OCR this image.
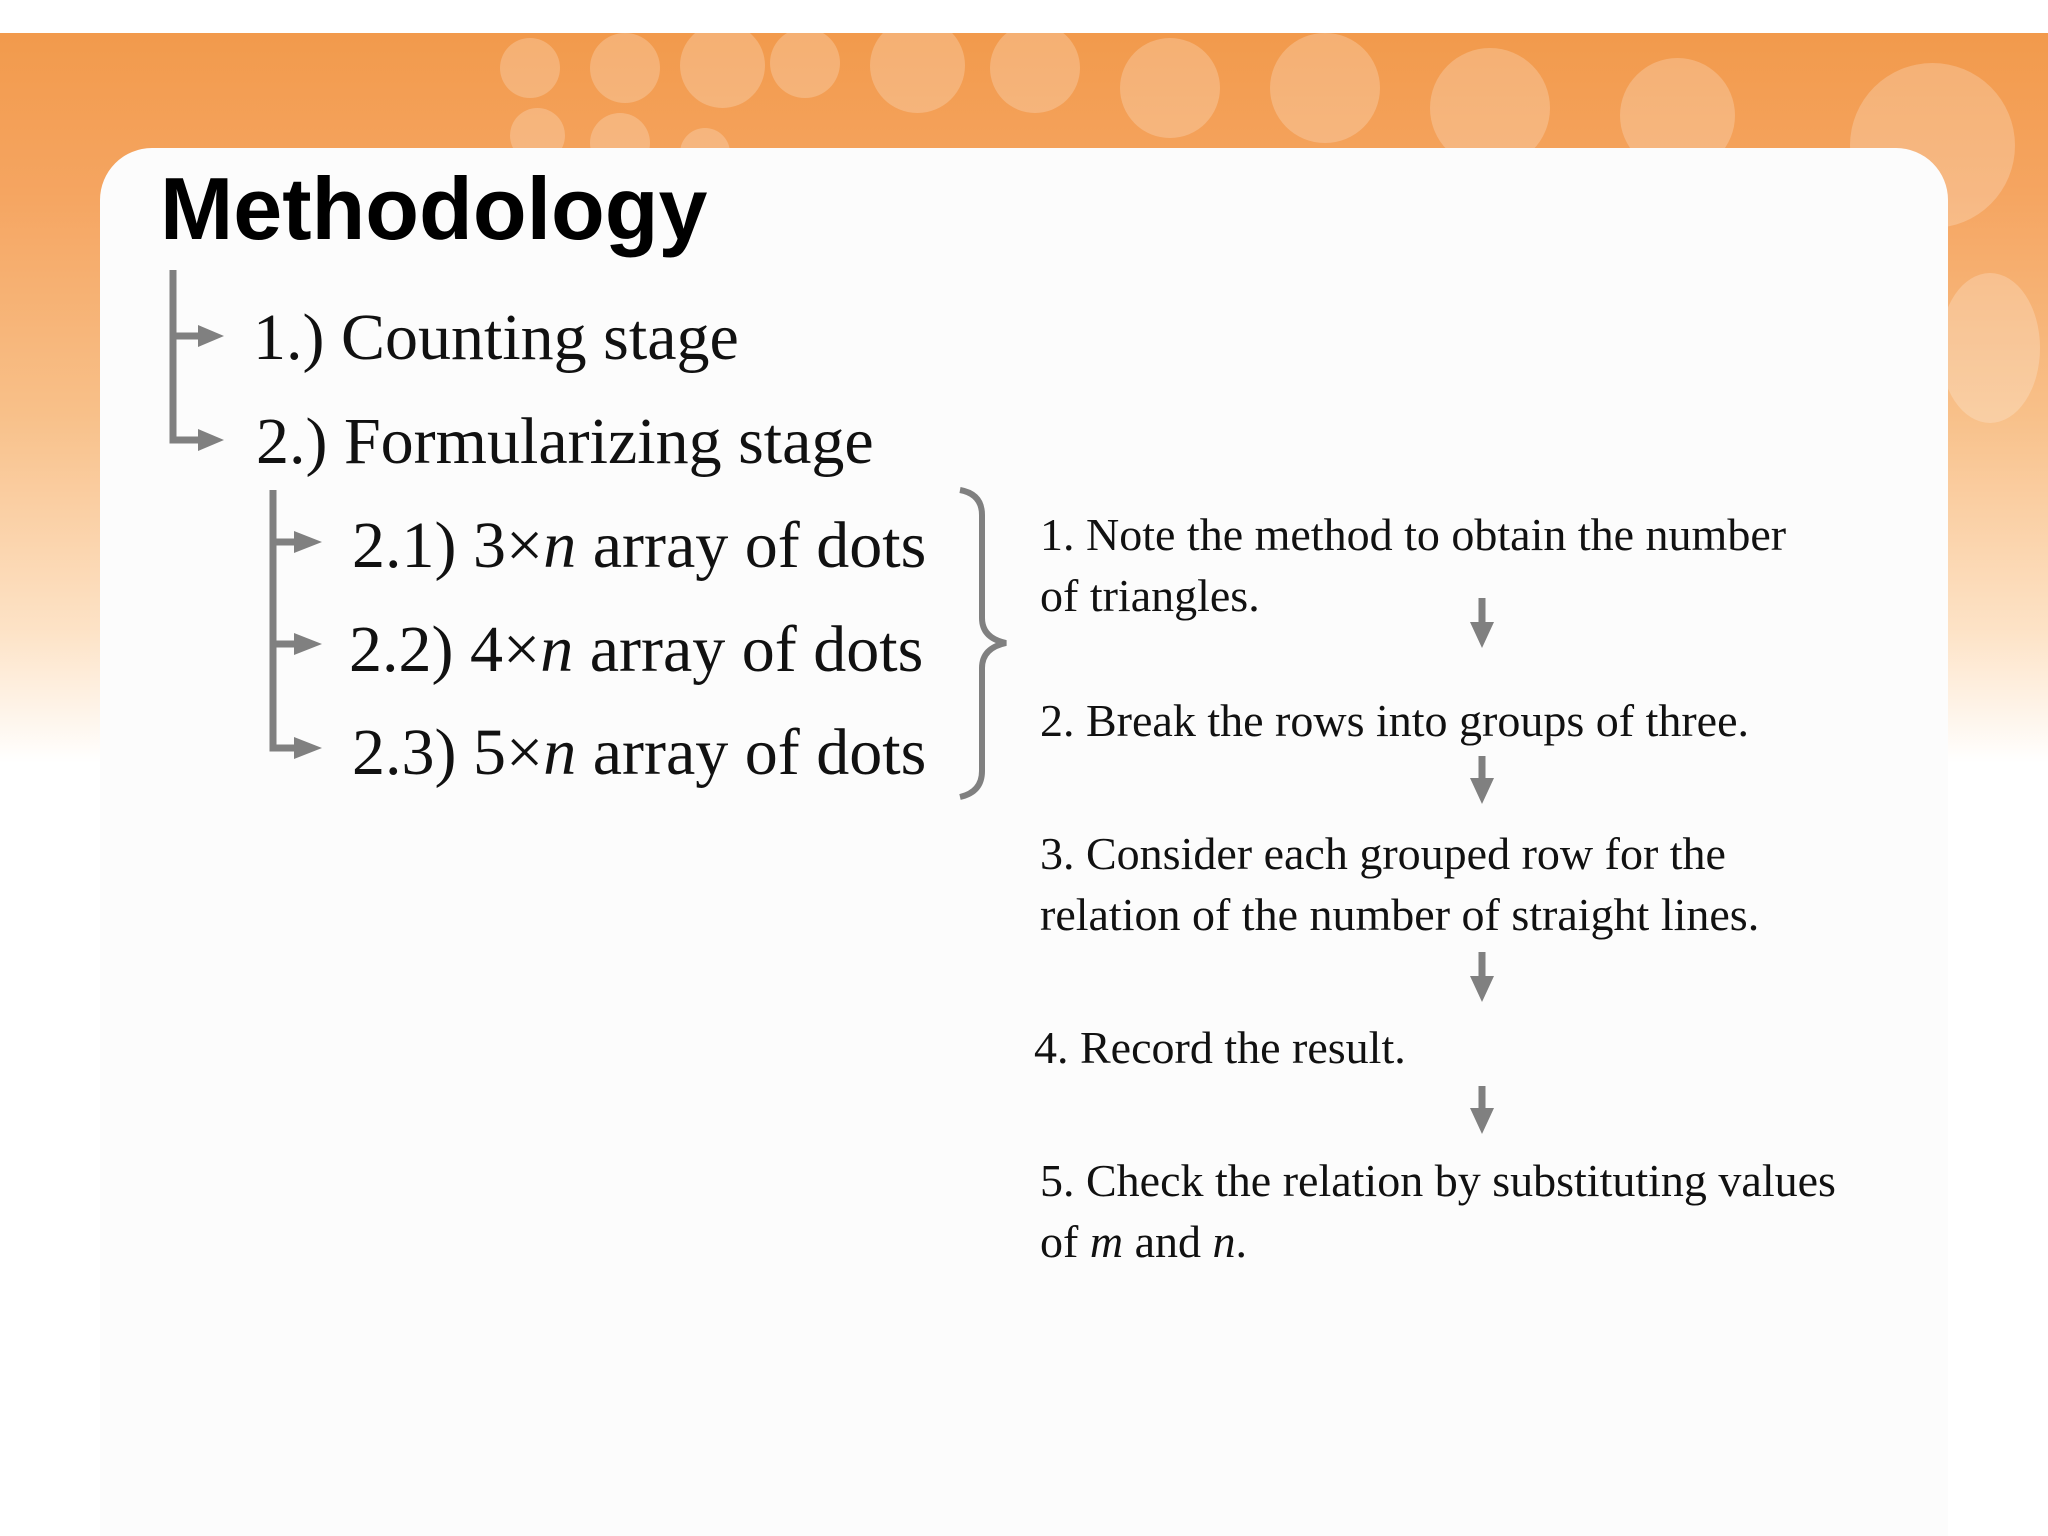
Methodology

1.) Counting stage

2.) Formularizing stage

2.1) 3×n array of dots

2.2) 4×n array of dots

2.3) 5×n array of dots

1. Note the method to obtain the number
of triangles.
2. Break the rows into groups of three.
3. Consider each grouped row for the
relation of the number of straight lines.
4. Record the result.
5. Check the relation by substituting values
of m and n.
